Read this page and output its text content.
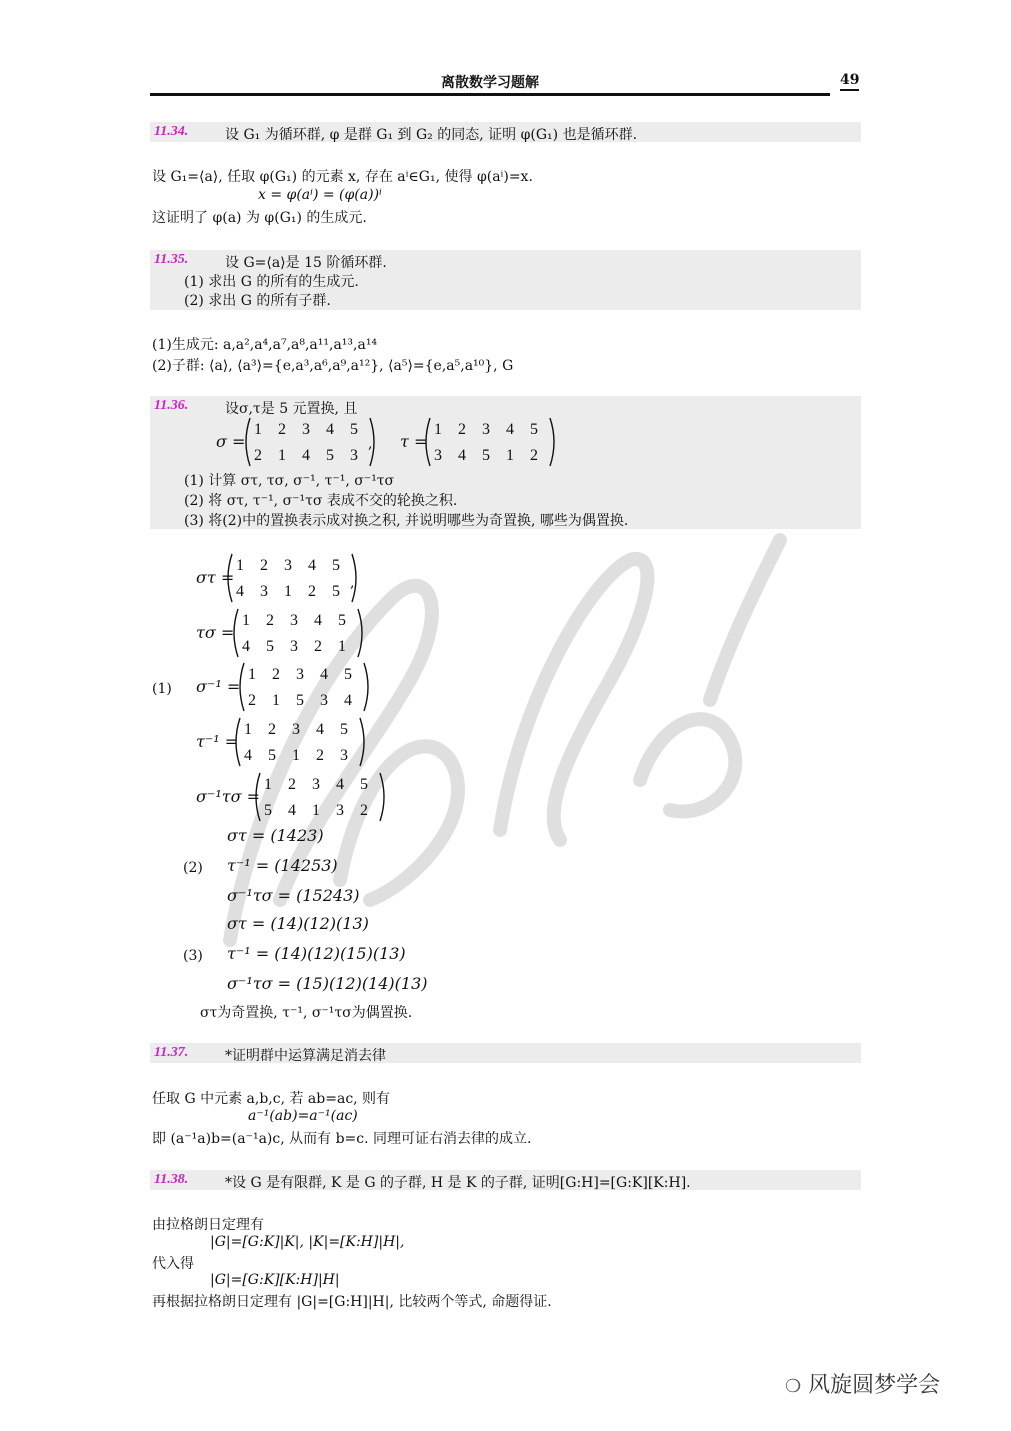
离散数学习题解	49
11.34.	设 G₁ 为循环群, φ 是群 G₁ 到 G₂ 的同态, 证明 φ(G₁) 也是循环群.
设 G₁=⟨a⟩, 任取 φ(G₁) 的元素 x, 存在 aⁱ∈G₁, 使得 φ(aⁱ)=x.
x = φ(aⁱ) = (φ(a))ⁱ
这证明了 φ(a) 为 φ(G₁) 的生成元.
11.35.	设 G=⟨a⟩是 15 阶循环群.
(1) 求出 G 的所有的生成元.
(2) 求出 G 的所有子群.
(1)生成元: a,a²,a⁴,a⁷,a⁸,a¹¹,a¹³,a¹⁴
(2)子群: ⟨a⟩, ⟨a³⟩={e,a³,a⁶,a⁹,a¹²}, ⟨a⁵⟩={e,a⁵,a¹⁰}, G
11.36.	设σ,τ是 5 元置换, 且
σ =	τ =
,
(1) 计算 στ, τσ, σ⁻¹, τ⁻¹, σ⁻¹τσ
(2) 将 στ, τ⁻¹, σ⁻¹τσ 表成不交的轮换之积.
(3) 将(2)中的置换表示成对换之积, 并说明哪些为奇置换, 哪些为偶置换.
1 2 3 4 5
2 1 4 5 3
1 2 3 4 5
3 4 5 1 2
(1)
στ =
1 2 3 4 5
4 3 1 2 5 ,
τσ =
1 2 3 4 5
4 5 3 2 1
σ⁻¹ =
1 2 3 4 5
2 1 5 3 4
τ⁻¹ =
1 2 3 4 5
4 5 1 2 3
σ⁻¹τσ =
1 2 3 4 5
5 4 1 3 2
(2)
στ = (1423)
τ⁻¹ = (14253)
σ⁻¹τσ = (15243)
(3)
στ = (14)(12)(13)
τ⁻¹ = (14)(12)(15)(13)
σ⁻¹τσ = (15)(12)(14)(13)
στ为奇置换, τ⁻¹, σ⁻¹τσ为偶置换.
11.37.	*证明群中运算满足消去律
任取 G 中元素 a,b,c, 若 ab=ac, 则有
a⁻¹(ab)=a⁻¹(ac)
即 (a⁻¹a)b=(a⁻¹a)c, 从而有 b=c. 同理可证右消去律的成立.
11.38.	*设 G 是有限群, K 是 G 的子群, H 是 K 的子群, 证明[G:H]=[G:K][K:H].
由拉格朗日定理有
|G|=[G:K]|K|, |K|=[K:H]|H|,
代入得
|G|=[G:K][K:H]|H|
再根据拉格朗日定理有 |G|=[G:H]|H|, 比较两个等式, 命题得证.
❍ 风旋圆梦学会
